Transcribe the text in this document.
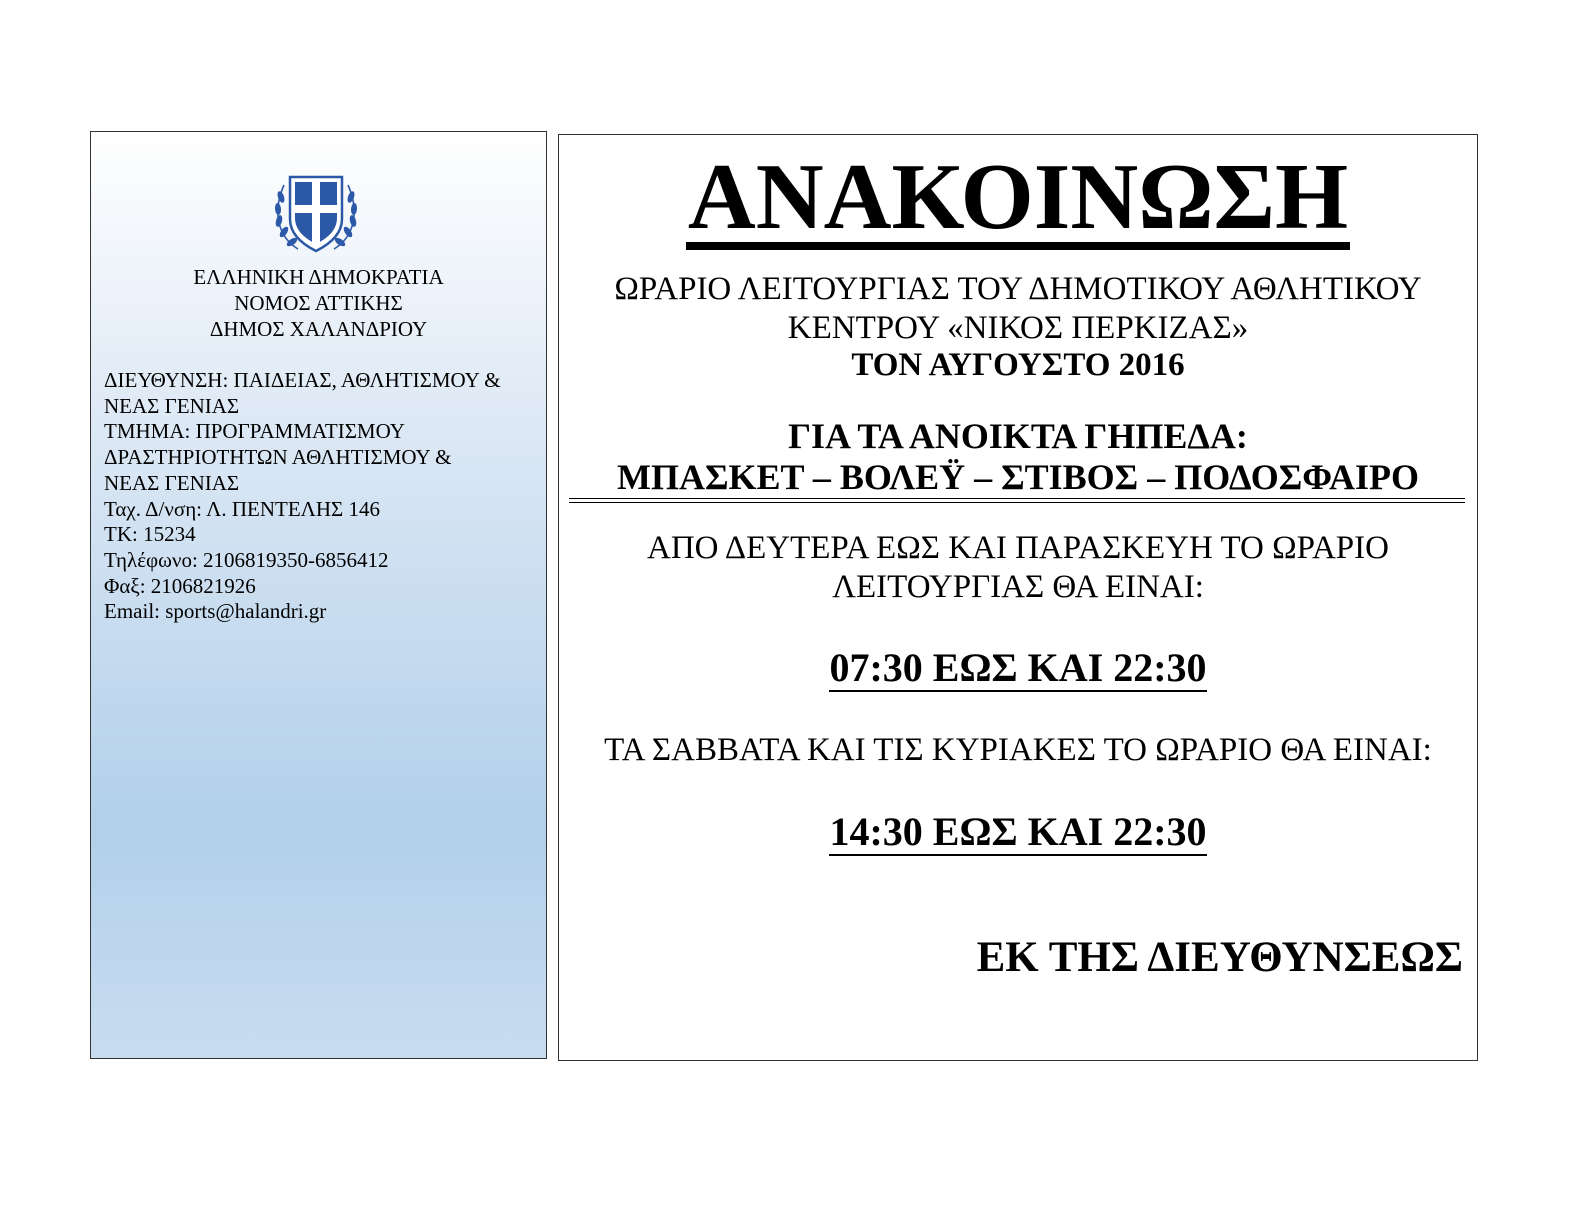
ΕΛΛΗΝΙΚΗ ΔΗΜΟΚΡΑΤΙΑ
ΝΟΜΟΣ ΑΤΤΙΚΗΣ
ΔΗΜΟΣ ΧΑΛΑΝΔΡΙΟΥ
ΔΙΕΥΘΥΝΣΗ: ΠΑΙΔΕΙΑΣ, ΑΘΛΗΤΙΣΜΟΥ &
ΝΕΑΣ ΓΕΝΙΑΣ
ΤΜΗΜΑ: ΠΡΟΓΡΑΜΜΑΤΙΣΜΟΥ
ΔΡΑΣΤΗΡΙΟΤΗΤΩΝ ΑΘΛΗΤΙΣΜΟΥ &
ΝΕΑΣ ΓΕΝΙΑΣ
Ταχ. Δ/νση: Λ. ΠΕΝΤΕΛΗΣ 146
ΤΚ: 15234
Τηλέφωνο: 2106819350-6856412
Φαξ: 2106821926
Email: sports@halandri.gr
ΑΝΑΚΟΙΝΩΣΗ
ΩΡΑΡΙΟ ΛΕΙΤΟΥΡΓΙΑΣ ΤΟΥ ΔΗΜΟΤΙΚΟΥ ΑΘΛΗΤΙΚΟΥ
ΚΕΝΤΡΟΥ «ΝΙΚΟΣ ΠΕΡΚΙΖΑΣ»
ΤΟΝ ΑΥΓΟΥΣΤΟ 2016
ΓΙΑ ΤΑ ΑΝΟΙΚΤΑ ΓΗΠΕΔΑ:
ΜΠΑΣΚΕΤ – ΒΟΛΕΫ – ΣΤΙΒΟΣ – ΠΟΔΟΣΦΑΙΡΟ
ΑΠΟ ΔΕΥΤΕΡΑ ΕΩΣ ΚΑΙ ΠΑΡΑΣΚΕΥΗ ΤΟ ΩΡΑΡΙΟ
ΛΕΙΤΟΥΡΓΙΑΣ ΘΑ ΕΙΝΑΙ:
07:30 ΕΩΣ ΚΑΙ 22:30
ΤΑ ΣΑΒΒΑΤΑ ΚΑΙ ΤΙΣ ΚΥΡΙΑΚΕΣ ΤΟ ΩΡΑΡΙΟ ΘΑ ΕΙΝΑΙ:
14:30 ΕΩΣ ΚΑΙ 22:30
ΕΚ ΤΗΣ ΔΙΕΥΘΥΝΣΕΩΣ
